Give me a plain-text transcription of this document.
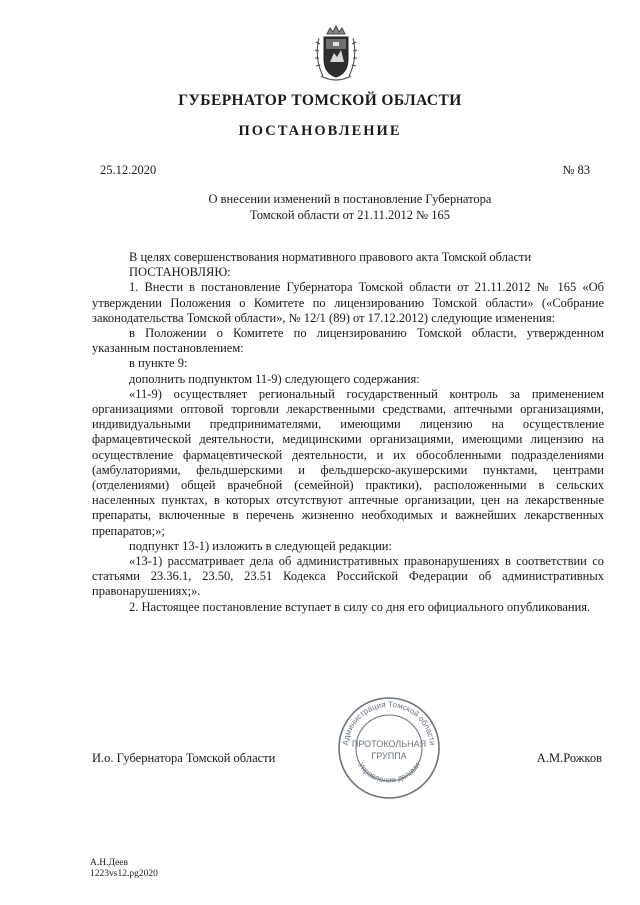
ГУБЕРНАТОР ТОМСКОЙ ОБЛАСТИ
ПОСТАНОВЛЕНИЕ
25.12.2020	№ 83
О внесении изменений в постановление Губернатора
Томской области от 21.11.2012 № 165

В целях совершенствования нормативного правового акта Томской области

ПОСТАНОВЛЯЮ:

1. Внести в постановление Губернатора Томской области от 21.11.2012 № 165 «Об утверждении Положения о Комитете по лицензированию Томской области» («Собрание законодательства Томской области», № 12/1 (89) от 17.12.2012) следующие изменения:

в Положении о Комитете по лицензированию Томской области, утвержденном указанным постановлением:

в пункте 9:

дополнить подпунктом 11-9) следующего содержания:

«11-9) осуществляет региональный государственный контроль за применением организациями оптовой торговли лекарственными средствами, аптечными организациями, индивидуальными предпринимателями, имеющими лицензию на осуществление фармацевтической деятельности, медицинскими организациями, имеющими лицензию на осуществление фармацевтической деятельности, и их обособленными подразделениями (амбулаториями, фельдшерскими и фельдшерско-акушерскими пунктами, центрами (отделениями) общей врачебной (семейной) практики), расположенными в сельских населенных пунктах, в которых отсутствуют аптечные организации, цен на лекарственные препараты, включенные в перечень жизненно необходимых и важнейших лекарственных препаратов;»;

подпункт 13-1) изложить в следующей редакции:

«13-1) рассматривает дела об административных правонарушениях в соответствии со статьями 23.36.1, 23.50, 23.51 Кодекса Российской Федерации об административных правонарушениях;».

2. Настоящее постановление вступает в силу со дня его официального опубликования.

И.о. Губернатора Томской области	А.М.Рожков
Администрация Томской области
Управление делами
ПРОТОКОЛЬНАЯ
ГРУППА
А.Н.Деев
1223vs12.pg2020
